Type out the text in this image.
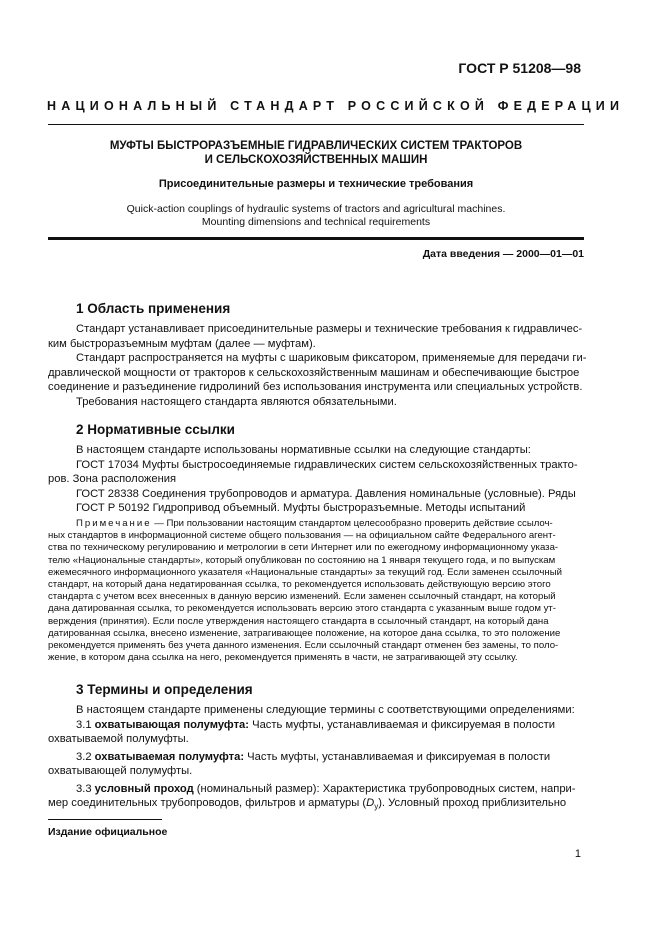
ГОСТ Р 51208—98
НАЦИОНАЛЬНЫЙ СТАНДАРТ РОССИЙСКОЙ ФЕДЕРАЦИИ
МУФТЫ БЫСТРОРАЗЪЕМНЫЕ ГИДРАВЛИЧЕСКИХ СИСТЕМ ТРАКТОРОВ
И СЕЛЬСКОХОЗЯЙСТВЕННЫХ МАШИН
Присоединительные размеры и технические требования
Quick-action couplings of hydraulic systems of tractors and agricultural machines.
Mounting dimensions and technical requirements
Дата введения — 2000—01—01
1 Область применения
Стандарт устанавливает присоединительные размеры и технические требования к гидравличес-
ким быстроразъемным муфтам (далее — муфтам).
Стандарт распространяется на муфты с шариковым фиксатором, применяемые для передачи ги-
дравлической мощности от тракторов к сельскохозяйственным машинам и обеспечивающие быстрое
соединение и разъединение гидролиний без использования инструмента или специальных устройств.
Требования настоящего стандарта являются обязательными.
2 Нормативные ссылки
В настоящем стандарте использованы нормативные ссылки на следующие стандарты:
ГОСТ 17034 Муфты быстросоединяемые гидравлических систем сельскохозяйственных тракто-
ров. Зона расположения
ГОСТ 28338 Соединения трубопроводов и арматура. Давления номинальные (условные). Ряды
ГОСТ Р 50192 Гидропривод объемный. Муфты быстроразъемные. Методы испытаний
Примечание — При пользовании настоящим стандартом целесообразно проверить действие ссылоч-
ных стандартов в информационной системе общего пользования — на официальном сайте Федерального агент-
ства по техническому регулированию и метрологии в сети Интернет или по ежегодному информационному указа-
телю «Национальные стандарты», который опубликован по состоянию на 1 января текущего года, и по выпускам
ежемесячного информационного указателя «Национальные стандарты» за текущий год. Если заменен ссылочный
стандарт, на который дана недатированная ссылка, то рекомендуется использовать действующую версию этого
стандарта с учетом всех внесенных в данную версию изменений. Если заменен ссылочный стандарт, на который
дана датированная ссылка, то рекомендуется использовать версию этого стандарта с указанным выше годом ут-
верждения (принятия). Если после утверждения настоящего стандарта в ссылочный стандарт, на который дана
датированная ссылка, внесено изменение, затрагивающее положение, на которое дана ссылка, то это положение
рекомендуется применять без учета данного изменения. Если ссылочный стандарт отменен без замены, то поло-
жение, в котором дана ссылка на него, рекомендуется применять в части, не затрагивающей эту ссылку.
3 Термины и определения
В настоящем стандарте применены следующие термины с соответствующими определениями:
3.1 охватывающая полумуфта: Часть муфты, устанавливаемая и фиксируемая в полости
охватываемой полумуфты.
3.2 охватываемая полумуфта: Часть муфты, устанавливаемая и фиксируемая в полости
охватывающей полумуфты.
3.3 условный проход (номинальный размер): Характеристика трубопроводных систем, напри-
мер соединительных трубопроводов, фильтров и арматуры $(D_у)$. Условный проход приблизительно
Издание официальное
1
